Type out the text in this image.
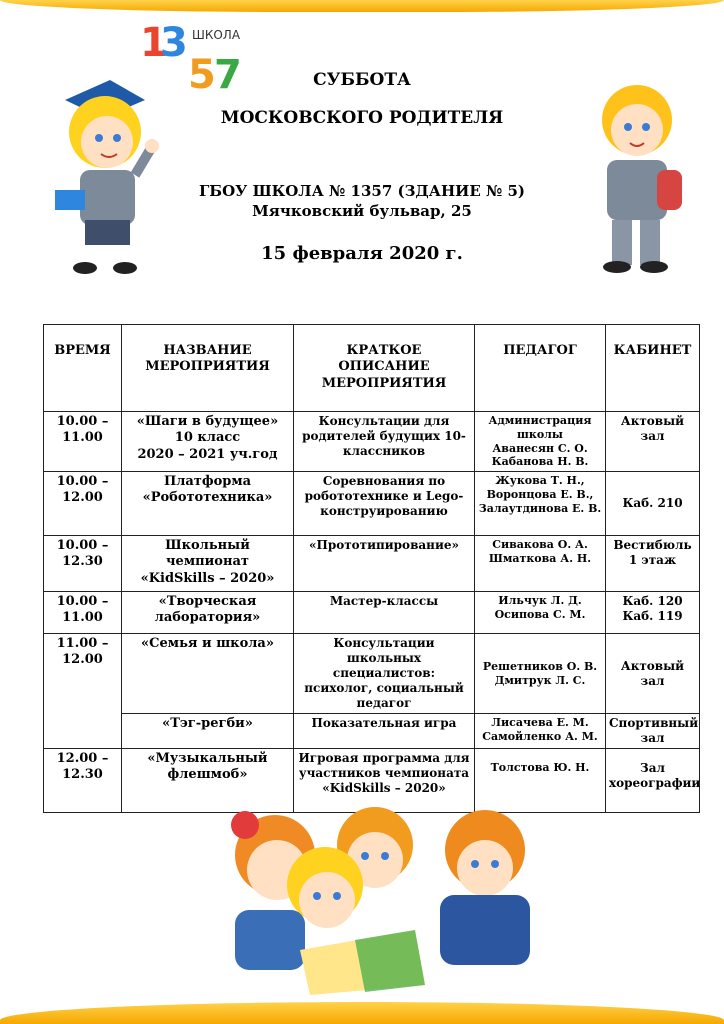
1
3
5
7
ШКОЛА
СУББОТА
МОСКОВСКОГО РОДИТЕЛЯ
ГБОУ ШКОЛА № 1357 (ЗДАНИЕ № 5)
Мячковский бульвар, 25
15 февраля 2020 г.
ВРЕМЯ	НАЗВАНИЕ
МЕРОПРИЯТИЯ	КРАТКОЕ
ОПИСАНИЕ
МЕРОПРИЯТИЯ	ПЕДАГОГ	КАБИНЕТ

10.00 –
11.00	«Шаги в будущее»
10 класс
2020 – 2021 уч.год	Консультации для
родителей будущих 10-
классников	Администрация
школы
Аванесян С. О.
Кабанова Н. В.	Актовый зал

10.00 –
12.00	Платформа
«Робототехника»	Соревнования по
робототехнике и Lego-
конструированию	Жукова Т. Н.,
Воронцова Е. В.,
Залаутдинова Е. В.	Каб. 210

10.00 –
12.30	Школьный
чемпионат
«KidSkills – 2020»	«Прототипирование»	Сивакова О. А.
Шматкова А. Н.	Вестибюль
1 этаж

10.00 –
11.00	«Творческая
лаборатория»	Мастер-классы	Ильчук Л. Д.
Осипова С. М.	Каб. 120
Каб. 119

11.00 –
12.00	«Семья и школа»	Консультации
школьных специалистов:
психолог, социальный
педагог	Решетников О. В.
Дмитрук Л. С.	Актовый зал

	«Тэг-регби»	Показательная игра	Лисачева Е. М.
Самойленко А. М.	Спортивный
зал

12.00 –
12.30	«Музыкальный
флешмоб»	Игровая программа для
участников чемпионата
«KidSkills – 2020»	Толстова Ю. Н.	Зал
хореографии
